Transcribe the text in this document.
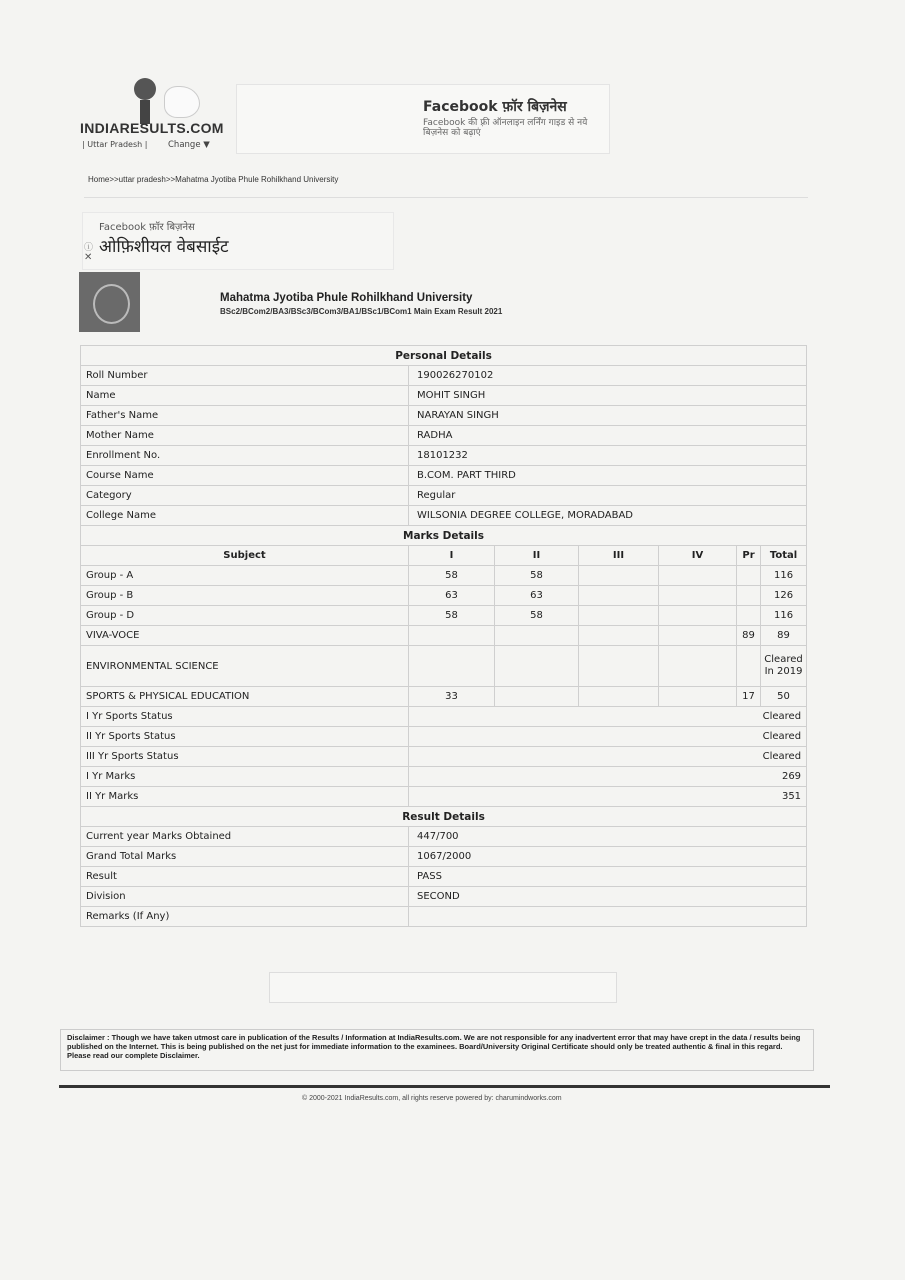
INDIARESULTS.COM
| Uttar Pradesh | Change ▼
Facebook फ़ॉर बिज़नेस
Facebook की फ़्री ऑनलाइन लर्निंग गाइड से नये बिज़नेस को बढ़ाएं
Home>>uttar pradesh>>Mahatma Jyotiba Phule Rohilkhand University
Facebook फ़ॉर बिज़नेस
ओफ़िशीयल वेबसाईट
ⓘ
✕
Mahatma Jyotiba Phule Rohilkhand University
BSc2/BCom2/BA3/BSc3/BCom3/BA1/BSc1/BCom1 Main Exam Result 2021
Personal Details						
Roll Number	190026270102					
Name	MOHIT SINGH					
Father's Name	NARAYAN SINGH					
Mother Name	RADHA					
Enrollment No.	18101232					
Course Name	B.COM. PART THIRD					
Category	Regular					
College Name	WILSONIA DEGREE COLLEGE, MORADABAD					
Marks Details						
Subject	I	II	III	IV	Pr	Total
Group - A	58	58				116
Group - B	63	63				126
Group - D	58	58				116
VIVA-VOCE					89	89
ENVIRONMENTAL SCIENCE						Cleared In 2019
SPORTS & PHYSICAL EDUCATION	33				17	50
I Yr Sports Status	Cleared					
II Yr Sports Status	Cleared					
III Yr Sports Status	Cleared					
I Yr Marks	269					
II Yr Marks	351					
Result Details						
Current year Marks Obtained	447/700					
Grand Total Marks	1067/2000					
Result	PASS					
Division	SECOND					
Remarks (If Any)						
Disclaimer : Though we have taken utmost care in publication of the Results / Information at IndiaResults.com. We are not responsible for any inadvertent error that may have crept in the data / results being published on the Internet. This is being published on the net just for immediate information to the examinees. Board/University Original Certificate should only be treated authentic & final in this regard. Please read our complete Disclaimer.
© 2000-2021 IndiaResults.com, all rights reserve powered by: charumindworks.com
